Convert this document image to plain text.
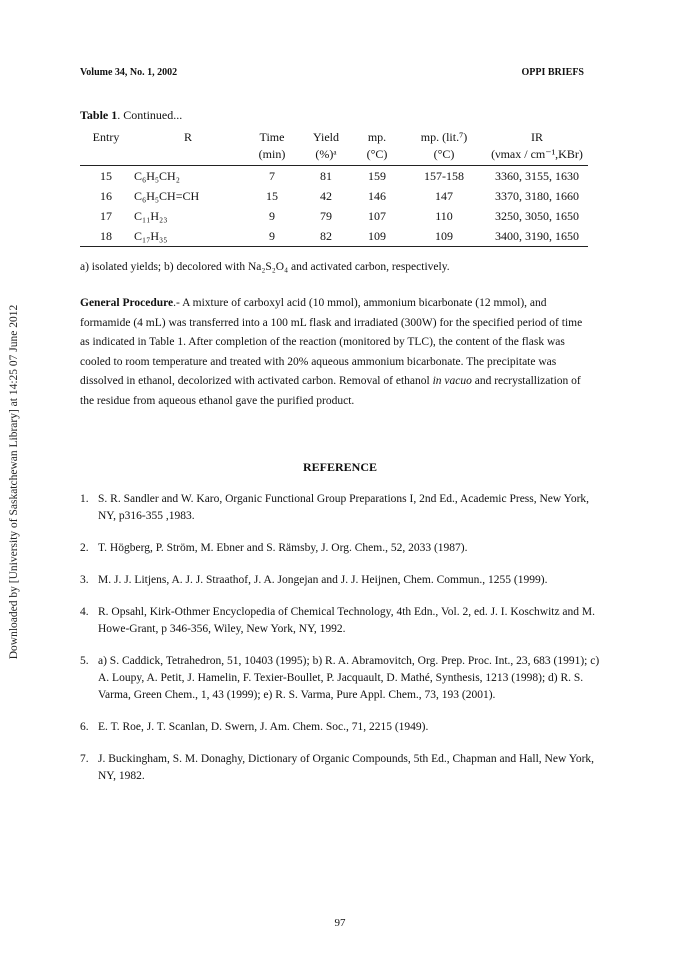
Downloaded by [University of Saskatchewan Library] at 14:25 07 June 2012
Volume 34, No. 1, 2002	OPPI BRIEFS
Table 1. Continued...
Entry	R	Time	Yield	mp.	mp. (lit.⁷)	IR
		(min)	(%)ᵃ	(°C)	(°C)	(νmax / cm⁻¹,KBr)
15	C₆H₅CH₂	7	81	159	157-158	3360, 3155, 1630
16	C₆H₅CH=CH	15	42	146	147	3370, 3180, 1660
17	C₁₁H₂₃	9	79	107	110	3250, 3050, 1650
18	C₁₇H₃₅	9	82	109	109	3400, 3190, 1650
a) isolated yields; b) decolored with Na₂S₂O₄ and activated carbon, respectively.
General Procedure.- A mixture of carboxyl acid (10 mmol), ammonium bicarbonate (12 mmol), and formamide (4 mL) was transferred into a 100 mL flask and irradiated (300W) for the specified period of time as indicated in Table 1. After completion of the reaction (monitored by TLC), the content of the flask was cooled to room temperature and treated with 20% aqueous ammonium bicarbonate. The precipitate was dissolved in ethanol, decolorized with activated carbon. Removal of ethanol in vacuo and recrystallization of the residue from aqueous ethanol gave the purified product.
REFERENCE
1. S. R. Sandler and W. Karo, Organic Functional Group Preparations I, 2nd Ed., Academic Press, New York, NY, p316-355 ,1983.
2. T. Högberg, P. Ström, M. Ebner and S. Rämsby, J. Org. Chem., 52, 2033 (1987).
3. M. J. J. Litjens, A. J. J. Straathof, J. A. Jongejan and J. J. Heijnen, Chem. Commun., 1255 (1999).
4. R. Opsahl, Kirk-Othmer Encyclopedia of Chemical Technology, 4th Edn., Vol. 2, ed. J. I. Koschwitz and M. Howe-Grant, p 346-356, Wiley, New York, NY, 1992.
5. a) S. Caddick, Tetrahedron, 51, 10403 (1995); b) R. A. Abramovitch, Org. Prep. Proc. Int., 23, 683 (1991); c) A. Loupy, A. Petit, J. Hamelin, F. Texier-Boullet, P. Jacquault, D. Mathé, Synthesis, 1213 (1998); d) R. S. Varma, Green Chem., 1, 43 (1999); e) R. S. Varma, Pure Appl. Chem., 73, 193 (2001).
6. E. T. Roe, J. T. Scanlan, D. Swern, J. Am. Chem. Soc., 71, 2215 (1949).
7. J. Buckingham, S. M. Donaghy, Dictionary of Organic Compounds, 5th Ed., Chapman and Hall, New York, NY, 1982.
97
